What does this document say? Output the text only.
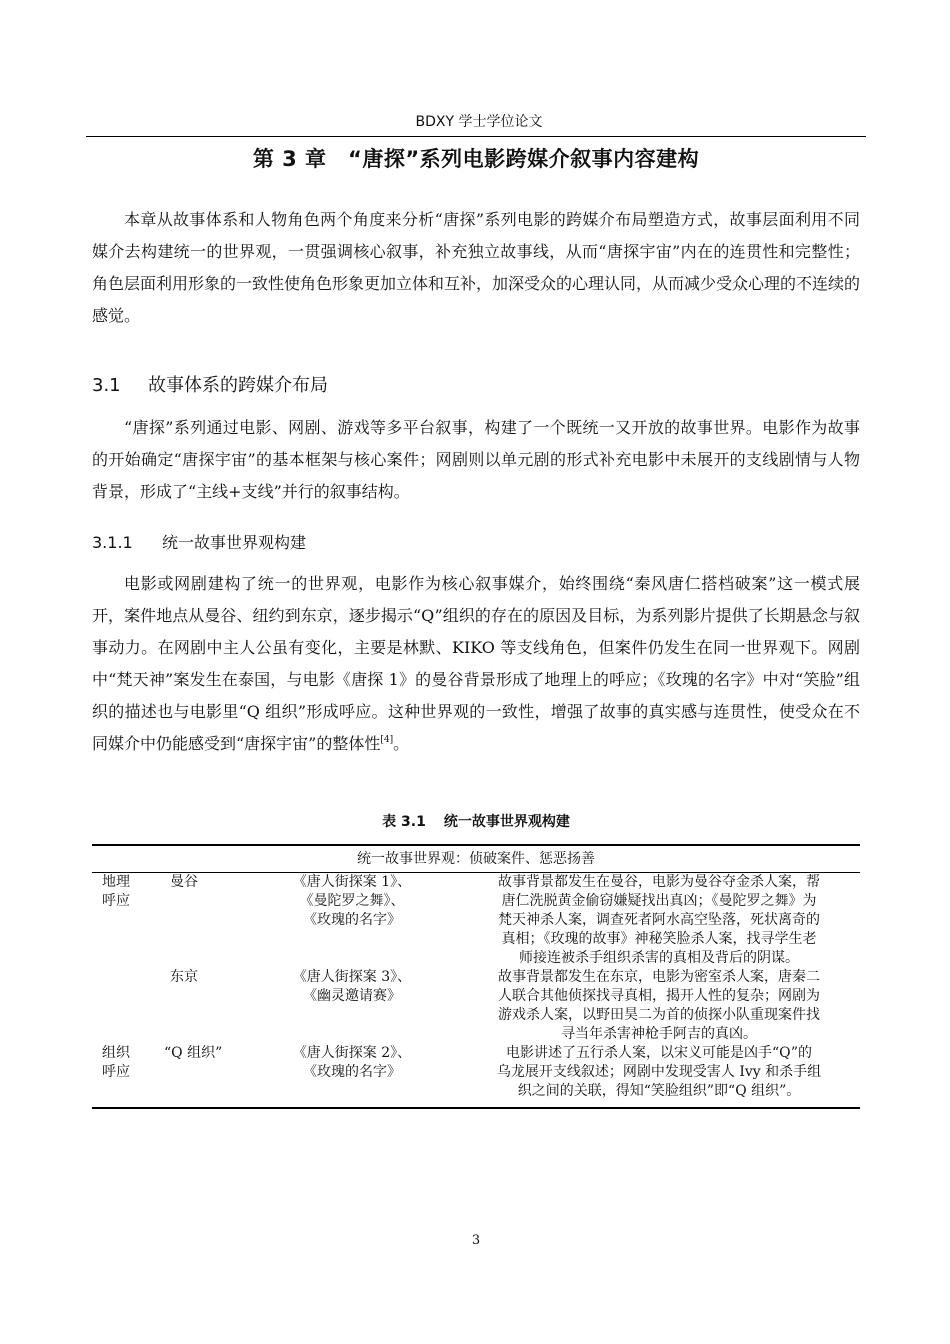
BDXY 学士学位论文
第 3 章　“唐探”系列电影跨媒介叙事内容建构

本章从故事体系和人物角色两个角度来分析“唐探”系列电影的跨媒介布局塑造方式，故事层面利用不同媒介去构建统一的世界观，一贯强调核心叙事，补充独立故事线，从而“唐探宇宙”内在的连贯性和完整性；角色层面利用形象的一致性使角色形象更加立体和互补，加深受众的心理认同，从而减少受众心理的不连续的感觉。

3.1 故事体系的跨媒介布局

“唐探”系列通过电影、网剧、游戏等多平台叙事，构建了一个既统一又开放的故事世界。电影作为故事的开始确定“唐探宇宙”的基本框架与核心案件；网剧则以单元剧的形式补充电影中未展开的支线剧情与人物背景，形成了“主线+支线”并行的叙事结构。

3.1.1 统一故事世界观构建

电影或网剧建构了统一的世界观，电影作为核心叙事媒介，始终围绕“秦风唐仁搭档破案”这一模式展开，案件地点从曼谷、纽约到东京，逐步揭示“Q”组织的存在的原因及目标，为系列影片提供了长期悬念与叙事动力。在网剧中主人公虽有变化，主要是林默、KIKO 等支线角色，但案件仍发生在同一世界观下。网剧中“梵天神”案发生在泰国，与电影《唐探 1》的曼谷背景形成了地理上的呼应；《玫瑰的名字》中对“笑脸”组织的描述也与电影里“Q 组织”形成呼应。这种世界观的一致性，增强了故事的真实感与连贯性，使受众在不同媒介中仍能感受到“唐探宇宙”的整体性[4]。

表 3.1 统一故事世界观构建
统一故事世界观：侦破案件、惩恶扬善			

地理
呼应	曼谷	《唐人街探案 1》、
《曼陀罗之舞》、
《玫瑰的名字》	故事背景都发生在曼谷，电影为曼谷夺金杀人案，帮
唐仁洗脱黄金偷窃嫌疑找出真凶；《曼陀罗之舞》为
梵天神杀人案，调查死者阿水高空坠落，死状离奇的
真相；《玫瑰的故事》神秘笑脸杀人案，找寻学生老
师接连被杀手组织杀害的真相及背后的阴谋。

	东京	《唐人街探案 3》、
《幽灵邀请赛》	故事背景都发生在东京，电影为密室杀人案，唐秦二
人联合其他侦探找寻真相，揭开人性的复杂；网剧为
游戏杀人案，以野田昊二为首的侦探小队重现案件找
寻当年杀害神枪手阿吉的真凶。

组织
呼应	“Q 组织”	《唐人街探案 2》、
《玫瑰的名字》	电影讲述了五行杀人案，以宋义可能是凶手“Q”的
乌龙展开支线叙述；网剧中发现受害人 Ivy 和杀手组
织之间的关联，得知“笑脸组织”即“Q 组织”。
3
